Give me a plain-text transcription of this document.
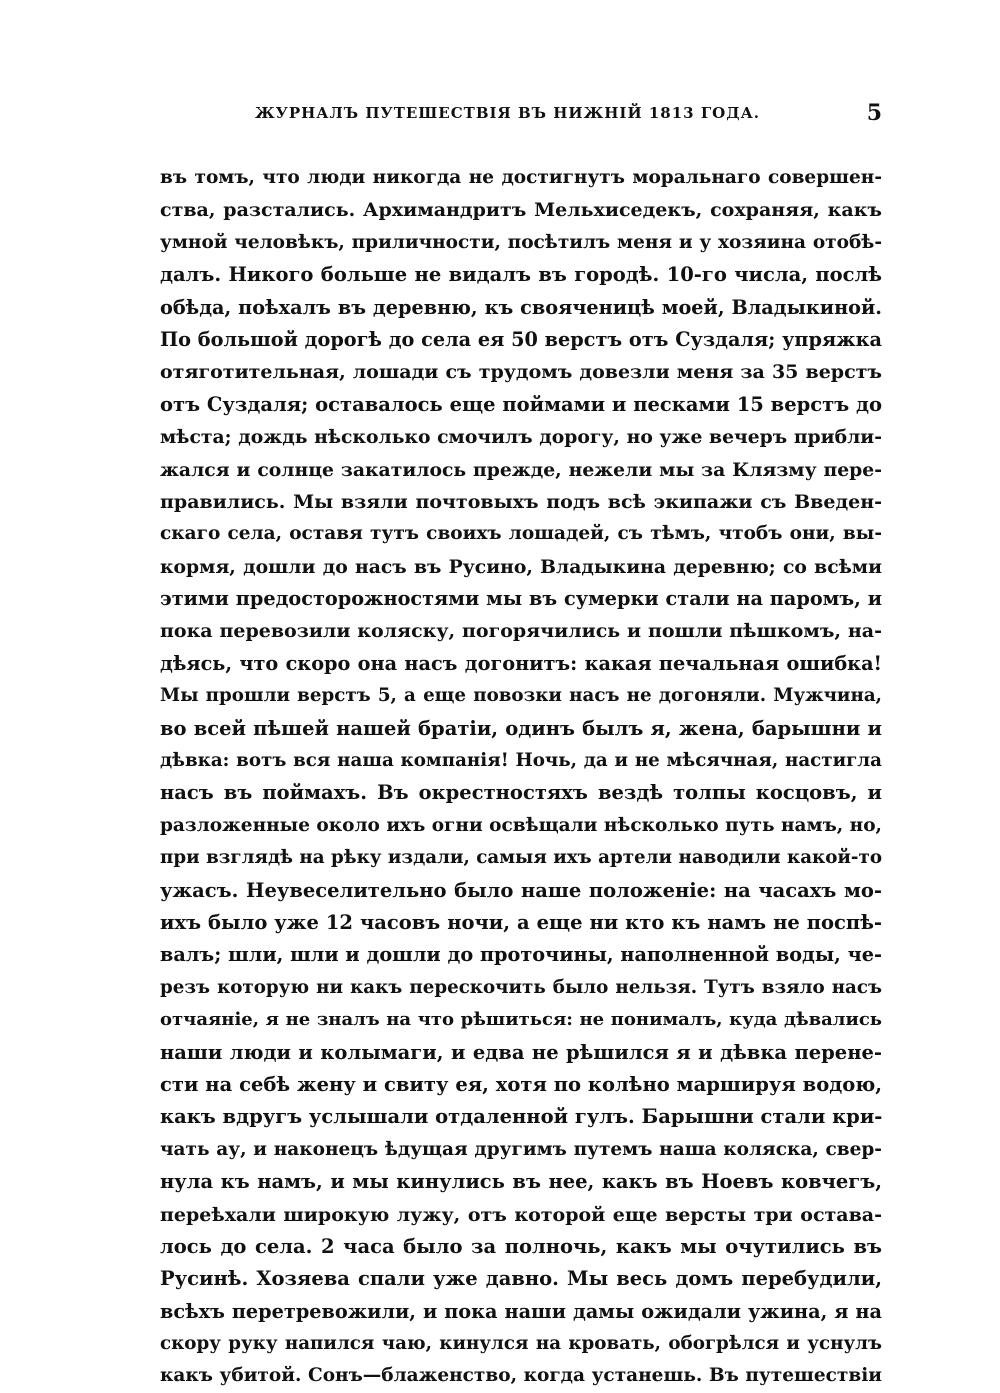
ЖУРНАЛЪ ПУТЕШЕСТВІЯ ВЪ НИЖНІЙ 1813 ГОДА.	5
въ томъ, что люди никогда не достигнутъ моральнаго совершен-
ства, разстались. Архимандритъ Мельхиседекъ, сохраняя, какъ
умной человѣкъ, приличности, посѣтилъ меня и у хозяина отобѣ-
далъ. Никого больше не видалъ въ городѣ. 10-го числа, послѣ
обѣда, поѣхалъ въ деревню, къ свояченицѣ моей, Владыкиной.
По большой дорогѣ до села ея 50 верстъ отъ Суздаля; упряжка
отяготительная, лошади съ трудомъ довезли меня за 35 верстъ
отъ Суздаля; оставалось еще поймами и песками 15 верстъ до
мѣста; дождь нѣсколько смочилъ дорогу, но уже вечеръ прибли-
жался и солнце закатилось прежде, нежели мы за Клязму пере-
правились. Мы взяли почтовыхъ подъ всѣ экипажи съ Введен-
скаго села, оставя тутъ своихъ лошадей, съ тѣмъ, чтобъ они, вы-
кормя, дошли до насъ въ Русино, Владыкина деревню; со всѣми
этими предосторожностями мы въ сумерки стали на паромъ, и
пока перевозили коляску, погорячились и пошли пѣшкомъ, на-
дѣясь, что скоро она насъ догонитъ: какая печальная ошибка!
Мы прошли верстъ 5, а еще повозки насъ не догоняли. Мужчина,
во всей пѣшей нашей братіи, одинъ былъ я, жена, барышни и
дѣвка: вотъ вся наша компанія! Ночь, да и не мѣсячная, настигла
насъ въ поймахъ. Въ окрестностяхъ вездѣ толпы косцовъ, и
разложенные около ихъ огни освѣщали нѣсколько путь намъ, но,
при взглядѣ на рѣку издали, самыя ихъ артели наводили какой-то
ужасъ. Неувеселительно было наше положеніе: на часахъ мо-
ихъ было уже 12 часовъ ночи, а еще ни кто къ намъ не поспѣ-
валъ; шли, шли и дошли до проточины, наполненной воды, че-
резъ которую ни какъ перескочить было нельзя. Тутъ взяло насъ
отчаяніе, я не зналъ на что рѣшиться: не понималъ, куда дѣвались
наши люди и колымаги, и едва не рѣшился я и дѣвка перене-
сти на себѣ жену и свиту ея, хотя по колѣно маршируя водою,
какъ вдругъ услышали отдаленной гулъ. Барышни стали кри-
чать ау, и наконецъ ѣдущая другимъ путемъ наша коляска, свер-
нула къ намъ, и мы кинулись въ нее, какъ въ Ноевъ ковчегъ,
переѣхали широкую лужу, отъ которой еще версты три остава-
лось до села. 2 часа было за полночь, какъ мы очутились въ
Русинѣ. Хозяева спали уже давно. Мы весь домъ перебудили,
всѣхъ перетревожили, и пока наши дамы ожидали ужина, я на
скору руку напился чаю, кинулся на кровать, обогрѣлся и уснулъ
какъ убитой. Сонъ—блаженство, когда устанешь. Въ путешествіи
